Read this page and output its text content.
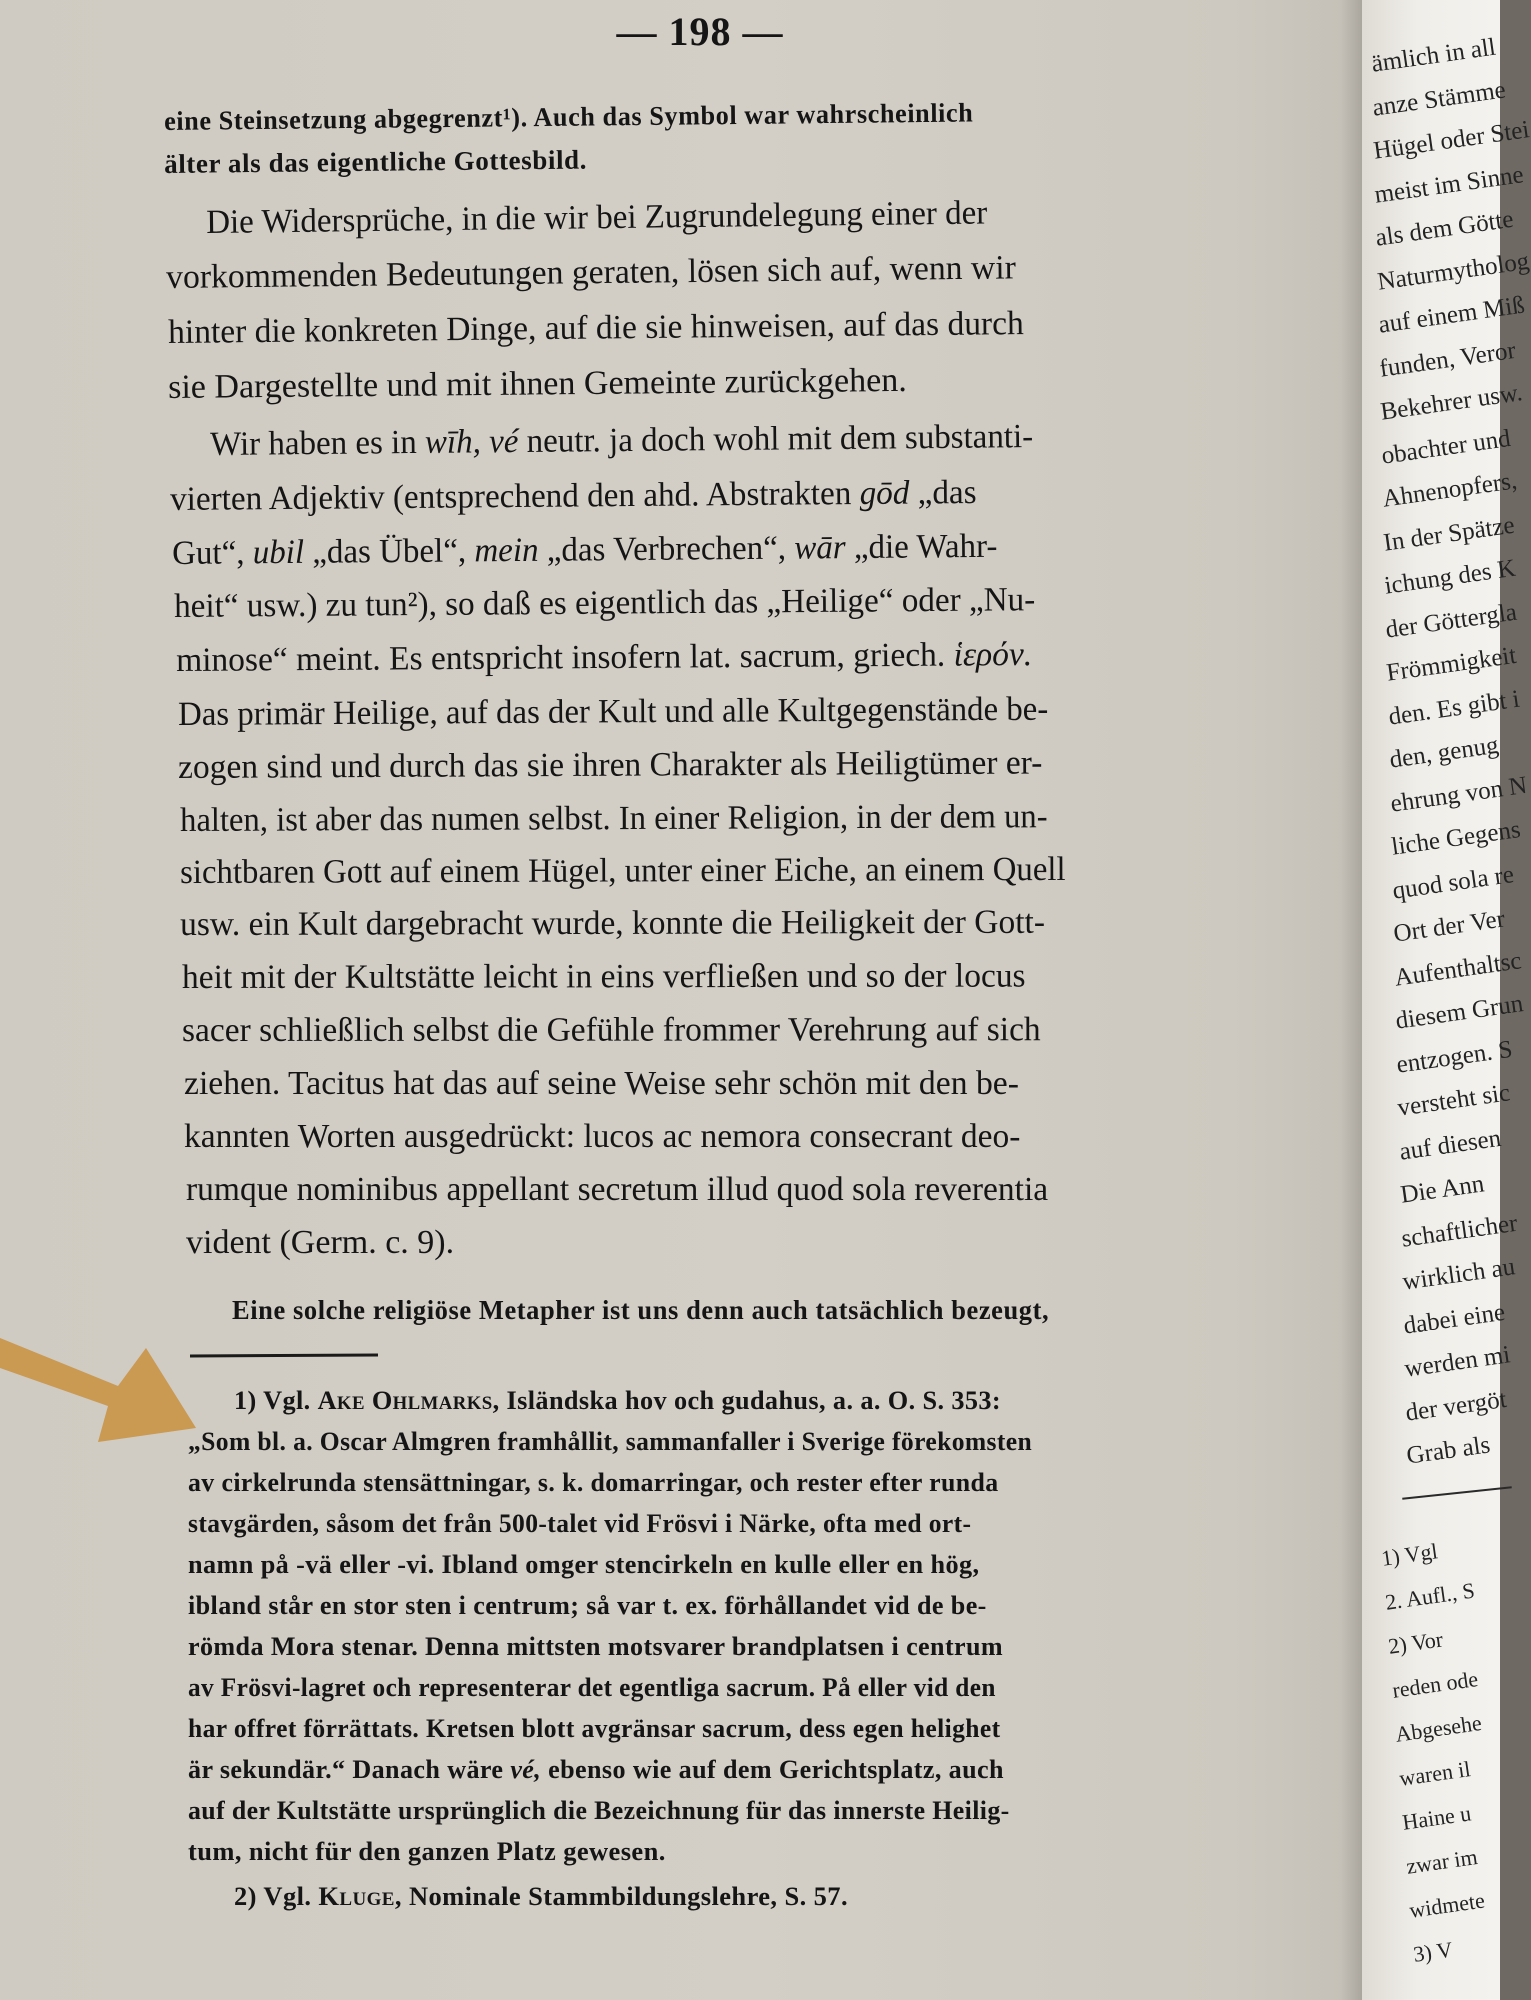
— 198 —

eine Steinsetzung abgegrenzt¹). Auch das Symbol war wahrscheinlich

älter als das eigentliche Gottesbild.

Die Widersprüche, in die wir bei Zugrundelegung einer der

vorkommenden Bedeutungen geraten, lösen sich auf, wenn wir

hinter die konkreten Dinge, auf die sie hinweisen, auf das durch

sie Dargestellte und mit ihnen Gemeinte zurückgehen.

Wir haben es in wīh, vé neutr. ja doch wohl mit dem substanti-

vierten Adjektiv (entsprechend den ahd. Abstrakten gōd „das

Gut“, ubil „das Übel“, mein „das Verbrechen“, wār „die Wahr-

heit“ usw.) zu tun²), so daß es eigentlich das „Heilige“ oder „Nu-

minose“ meint. Es entspricht insofern lat. sacrum, griech. ἱερόν.

Das primär Heilige, auf das der Kult und alle Kultgegenstände be-

zogen sind und durch das sie ihren Charakter als Heiligtümer er-

halten, ist aber das numen selbst. In einer Religion, in der dem un-

sichtbaren Gott auf einem Hügel, unter einer Eiche, an einem Quell

usw. ein Kult dargebracht wurde, konnte die Heiligkeit der Gott-

heit mit der Kultstätte leicht in eins verfließen und so der locus

sacer schließlich selbst die Gefühle frommer Verehrung auf sich

ziehen. Tacitus hat das auf seine Weise sehr schön mit den be-

kannten Worten ausgedrückt: lucos ac nemora consecrant deo-

rumque nominibus appellant secretum illud quod sola reverentia

vident (Germ. c. 9).

Eine solche religiöse Metapher ist uns denn auch tatsächlich bezeugt,

1) Vgl. Ake Ohlmarks, Isländska hov och gudahus, a. a. O. S. 353:

„Som bl. a. Oscar Almgren framhållit, sammanfaller i Sverige förekomsten

av cirkelrunda stensättningar, s. k. domarringar, och rester efter runda

stavgärden, såsom det från 500-talet vid Frösvi i Närke, ofta med ort-

namn på -vä eller -vi. Ibland omger stencirkeln en kulle eller en hög,

ibland står en stor sten i centrum; så var t. ex. förhållandet vid de be-

römda Mora stenar. Denna mittsten motsvarer brandplatsen i centrum

av Frösvi-lagret och representerar det egentliga sacrum. På eller vid den

har offret förrättats. Kretsen blott avgränsar sacrum, dess egen helighet

är sekundär.“ Danach wäre vé, ebenso wie auf dem Gerichtsplatz, auch

auf der Kultstätte ursprünglich die Bezeichnung für das innerste Heilig-

tum, nicht für den ganzen Platz gewesen.

2) Vgl. Kluge, Nominale Stammbildungslehre, S. 57.

ämlich in all

anze Stämme

Hügel oder Stei

meist im Sinne

als dem Götte

Naturmytholog

auf einem Miß

funden, Veror

Bekehrer usw.

obachter und

Ahnenopfers,

In der Spätze

ichung des K

der Göttergla

Frömmigkeit

den. Es gibt i

den, genug

ehrung von N

liche Gegens

quod sola re

Ort der Ver

Aufenthaltsc

diesem Grun

entzogen. S

versteht sic

auf diesen

Die Ann

schaftlicher

wirklich au

dabei eine

werden mi

der vergöt

Grab als

1) Vgl

2. Aufl., S

2) Vor

reden ode

Abgesehe

waren il

Haine u

zwar im

widmete

3) V
